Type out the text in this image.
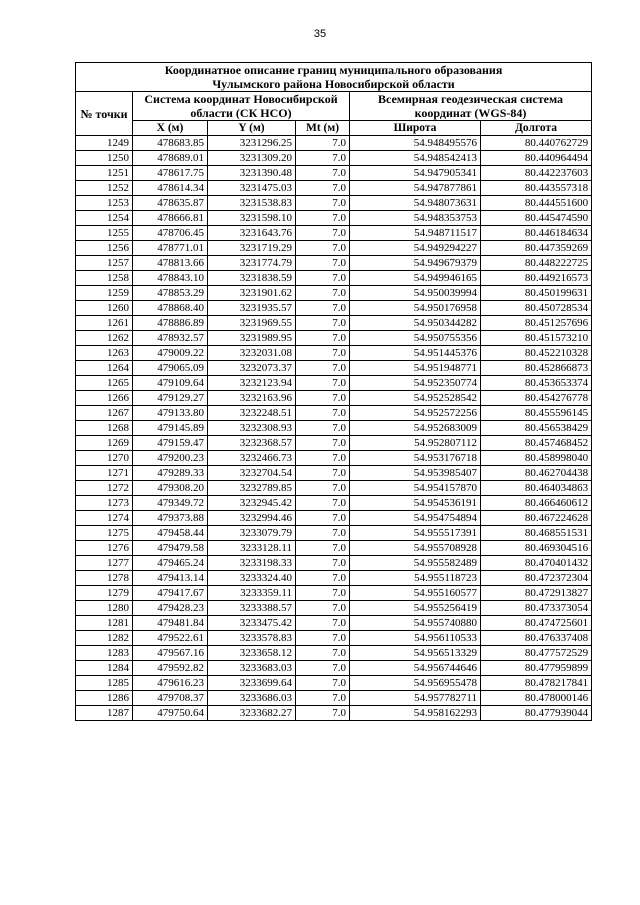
35
Координатное описание границ муниципального образования
Чулымского района Новосибирской области					
№ точки	Система координат Новосибирской области (СК НСО)			Всемирная геодезическая система координат (WGS-84)	
	X (м)	Y (м)	Mt (м)	Широта	Долгота
1249	478683.85	3231296.25	7.0	54.948495576	80.440762729
1250	478689.01	3231309.20	7.0	54.948542413	80.440964494
1251	478617.75	3231390.48	7.0	54.947905341	80.442237603
1252	478614.34	3231475.03	7.0	54.947877861	80.443557318
1253	478635.87	3231538.83	7.0	54.948073631	80.444551600
1254	478666.81	3231598.10	7.0	54.948353753	80.445474590
1255	478706.45	3231643.76	7.0	54.948711517	80.446184634
1256	478771.01	3231719.29	7.0	54.949294227	80.447359269
1257	478813.66	3231774.79	7.0	54.949679379	80.448222725
1258	478843.10	3231838.59	7.0	54.949946165	80.449216573
1259	478853.29	3231901.62	7.0	54.950039994	80.450199631
1260	478868.40	3231935.57	7.0	54.950176958	80.450728534
1261	478886.89	3231969.55	7.0	54.950344282	80.451257696
1262	478932.57	3231989.95	7.0	54.950755356	80.451573210
1263	479009.22	3232031.08	7.0	54.951445376	80.452210328
1264	479065.09	3232073.37	7.0	54.951948771	80.452866873
1265	479109.64	3232123.94	7.0	54.952350774	80.453653374
1266	479129.27	3232163.96	7.0	54.952528542	80.454276778
1267	479133.80	3232248.51	7.0	54.952572256	80.455596145
1268	479145.89	3232308.93	7.0	54.952683009	80.456538429
1269	479159.47	3232368.57	7.0	54.952807112	80.457468452
1270	479200.23	3232466.73	7.0	54.953176718	80.458998040
1271	479289.33	3232704.54	7.0	54.953985407	80.462704438
1272	479308.20	3232789.85	7.0	54.954157870	80.464034863
1273	479349.72	3232945.42	7.0	54.954536191	80.466460612
1274	479373.88	3232994.46	7.0	54.954754894	80.467224628
1275	479458.44	3233079.79	7.0	54.955517391	80.468551531
1276	479479.58	3233128.11	7.0	54.955708928	80.469304516
1277	479465.24	3233198.33	7.0	54.955582489	80.470401432
1278	479413.14	3233324.40	7.0	54.955118723	80.472372304
1279	479417.67	3233359.11	7.0	54.955160577	80.472913827
1280	479428.23	3233388.57	7.0	54.955256419	80.473373054
1281	479481.84	3233475.42	7.0	54.955740880	80.474725601
1282	479522.61	3233578.83	7.0	54.956110533	80.476337408
1283	479567.16	3233658.12	7.0	54.956513329	80.477572529
1284	479592.82	3233683.03	7.0	54.956744646	80.477959899
1285	479616.23	3233699.64	7.0	54.956955478	80.478217841
1286	479708.37	3233686.03	7.0	54.957782711	80.478000146
1287	479750.64	3233682.27	7.0	54.958162293	80.477939044
